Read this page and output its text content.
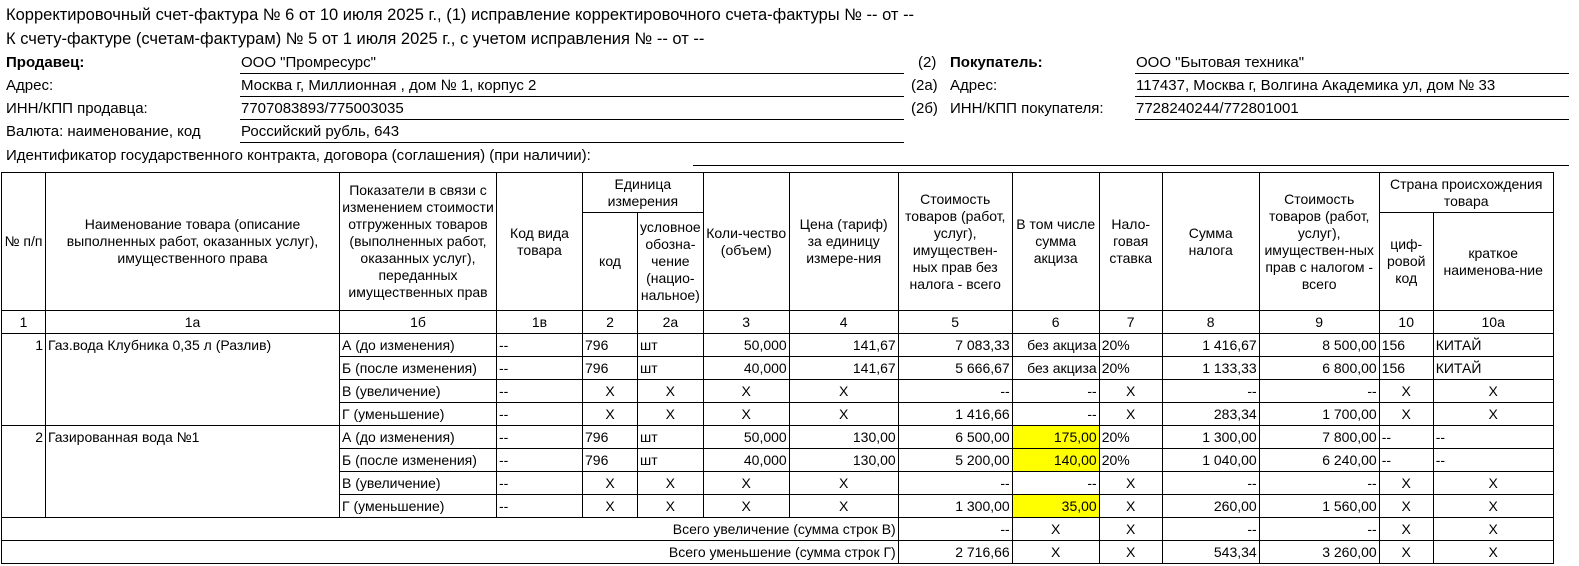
Корректировочный счет-фактура № 6 от 10 июля 2025 г., (1) исправление корректировочного счета-фактуры № -- от --
К счету-фактуре (счетам-фактурам) № 5 от 1 июля 2025 г., с учетом исправления № -- от --
Продавец:	ООО "Промресурс"
Адрес:	Москва г, Миллионная , дом № 1, корпус 2
ИНН/КПП продавца:	7707083893/775003035
Валюта: наименование, код	Российский рубль, 643
(2) Покупатель:	ООО "Бытовая техника"
(2а) Адрес:	117437, Москва г, Волгина Академика ул, дом № 33
(2б) ИНН/КПП покупателя: 7728240244/772801001
Идентификатор государственного контракта, договора (соглашения) (при наличии):
№ п/п	Наименование товара (описание выполненных работ, оказанных услуг), имущественного права	Показатели в связи с изменением стоимости отгруженных товаров (выполненных работ, оказанных услуг), переданных имущественных прав	Код вида товара	Единица измерения		Коли-чество (объем)	Цена (тариф) за единицу измере-ния	Стоимость товаров (работ, услуг), имуществен-ных прав без налога - всего	В том числе сумма акциза	Нало-говая ставка	Сумма налога	Стоимость товаров (работ, услуг), имуществен-ных прав с налогом - всего	Страна происхождения товара	
				код	условное обозна-чение (нацио-нальное)								циф-ровой код	краткое наименова-ние
1	1а	1б	1в	2	2а	3	4	5	6	7	8	9	10	10а
1	Газ.вода Клубника 0,35 л (Разлив)	А (до изменения)	--	796	шт	50,000	141,67	7 083,33	без акциза	20%	1 416,67	8 500,00	156	КИТАЙ
		Б (после изменения)	--	796	шт	40,000	141,67	5 666,67	без акциза	20%	1 133,33	6 800,00	156	КИТАЙ
		В (увеличение)	--	X	X	X	X	--	--	X	--	--	X	X
		Г (уменьшение)	--	X	X	X	X	1 416,66	--	X	283,34	1 700,00	X	X
2	Газированная вода №1	А (до изменения)	--	796	шт	50,000	130,00	6 500,00	175,00	20%	1 300,00	7 800,00	--	--
		Б (после изменения)	--	796	шт	40,000	130,00	5 200,00	140,00	20%	1 040,00	6 240,00	--	--
		В (увеличение)	--	X	X	X	X	--	--	X	--	--	X	X
		Г (уменьшение)	--	X	X	X	X	1 300,00	35,00	X	260,00	1 560,00	X	X
Всего увеличение (сумма строк В)								--	X	X	--	--	X	X
Всего уменьшение (сумма строк Г)								2 716,66	X	X	543,34	3 260,00	X	X
